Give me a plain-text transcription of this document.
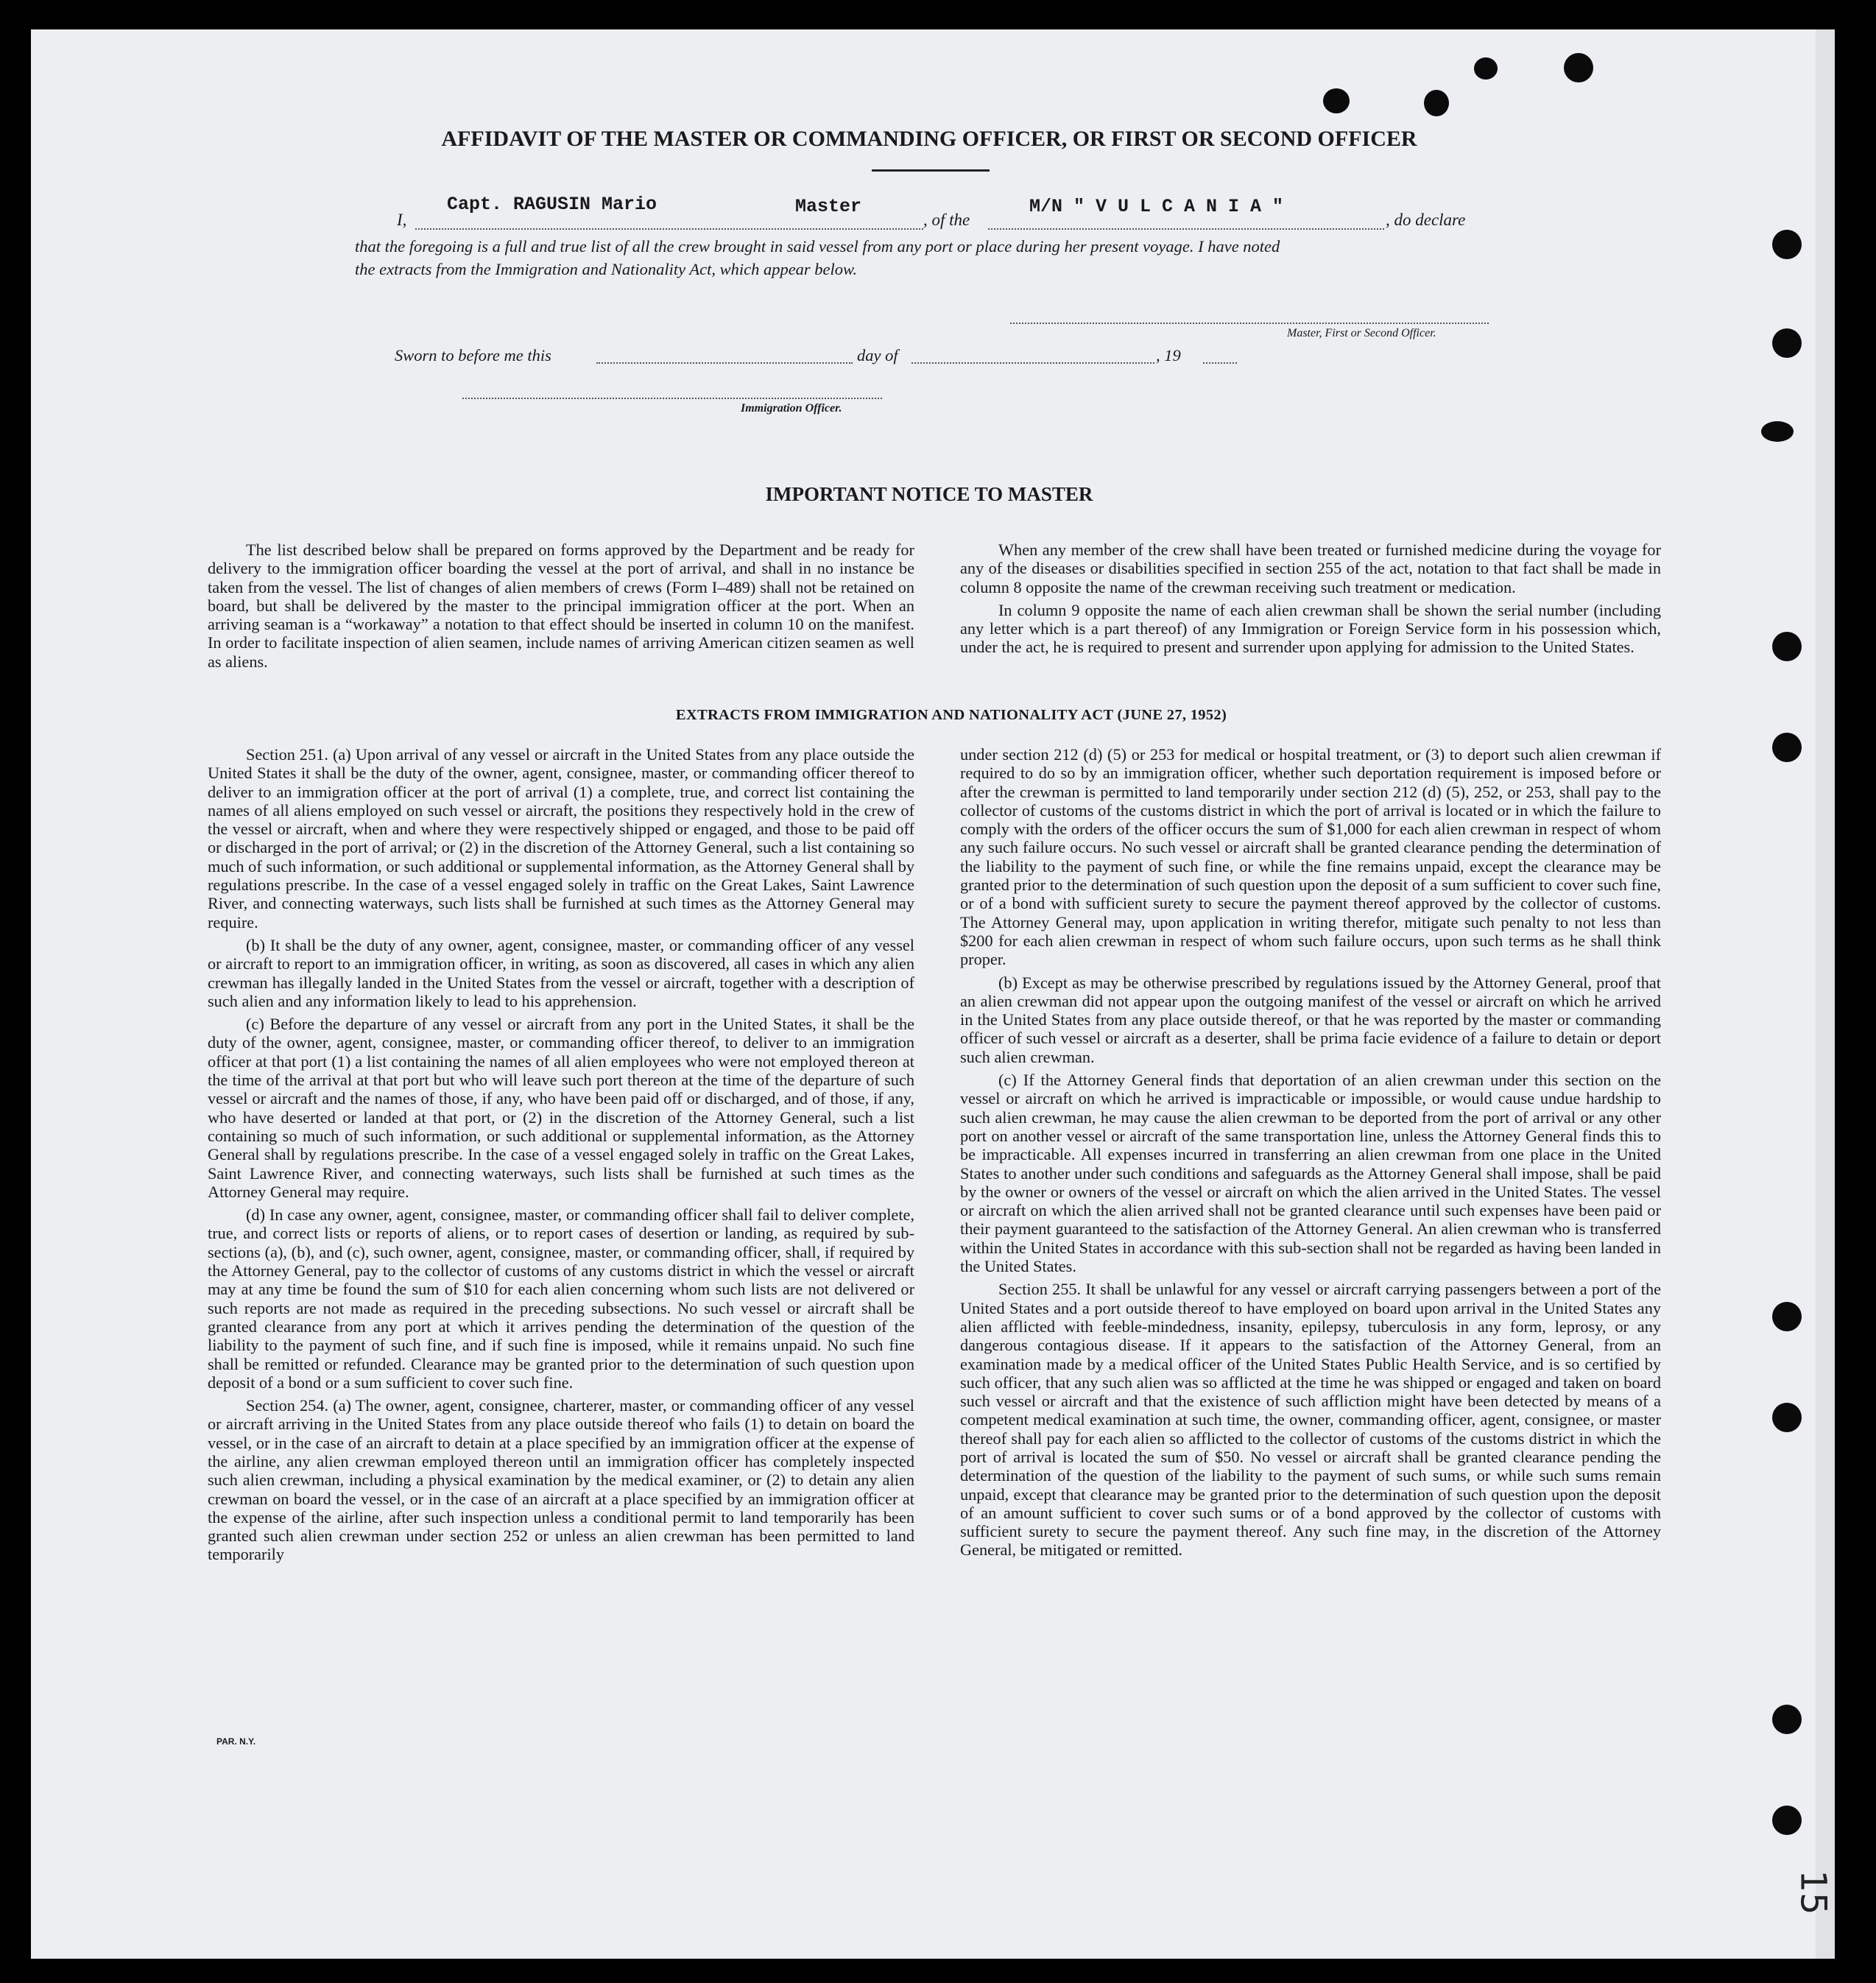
AFFIDAVIT OF THE MASTER OR COMMANDING OFFICER, OR FIRST OR SECOND OFFICER
I,
Capt. RAGUSIN Mario	Master
, of the
M/N " V U L C A N I A "
, do declare
that the foregoing is a full and true list of all the crew brought in said vessel from any port or place during her present voyage. I have noted
the extracts from the Immigration and Nationality Act, which appear below.
Master, First or Second Officer.
Sworn to before me this	day of	, 19
Immigration Officer.
IMPORTANT NOTICE TO MASTER

The list described below shall be prepared on forms approved by the Department and be ready for delivery to the immigration officer boarding the vessel at the port of arrival, and shall in no instance be taken from the vessel. The list of changes of alien members of crews (Form I–489) shall not be retained on board, but shall be delivered by the master to the principal immigration officer at the port. When an arriving seaman is a “workaway” a notation to that effect should be inserted in column 10 on the manifest. In order to facilitate inspection of alien seamen, include names of arriving American citizen seamen as well as aliens.

When any member of the crew shall have been treated or furnished medicine during the voyage for any of the diseases or disabilities specified in section 255 of the act, notation to that fact shall be made in column 8 opposite the name of the crewman receiving such treatment or medication.

In column 9 opposite the name of each alien crewman shall be shown the serial number (including any letter which is a part thereof) of any Immigration or Foreign Service form in his possession which, under the act, he is required to present and surrender upon applying for admission to the United States.

EXTRACTS FROM IMMIGRATION AND NATIONALITY ACT (JUNE 27, 1952)

Section 251. (a) Upon arrival of any vessel or aircraft in the United States from any place outside the United States it shall be the duty of the owner, agent, consignee, master, or commanding officer thereof to deliver to an immigration officer at the port of arrival (1) a complete, true, and correct list containing the names of all aliens employed on such vessel or aircraft, the positions they respectively hold in the crew of the vessel or aircraft, when and where they were respectively shipped or engaged, and those to be paid off or discharged in the port of arrival; or (2) in the discretion of the Attorney General, such a list containing so much of such information, or such additional or supplemental information, as the Attorney General shall by regulations prescribe. In the case of a vessel engaged solely in traffic on the Great Lakes, Saint Lawrence River, and connecting waterways, such lists shall be furnished at such times as the Attorney General may require.

(b) It shall be the duty of any owner, agent, consignee, master, or commanding officer of any vessel or aircraft to report to an immigration officer, in writing, as soon as discovered, all cases in which any alien crewman has illegally landed in the United States from the vessel or aircraft, together with a description of such alien and any information likely to lead to his apprehension.

(c) Before the departure of any vessel or aircraft from any port in the United States, it shall be the duty of the owner, agent, consignee, master, or commanding officer thereof, to deliver to an immigration officer at that port (1) a list containing the names of all alien employees who were not employed thereon at the time of the arrival at that port but who will leave such port thereon at the time of the departure of such vessel or aircraft and the names of those, if any, who have been paid off or discharged, and of those, if any, who have deserted or landed at that port, or (2) in the discretion of the Attorney General, such a list containing so much of such information, or such additional or supplemental information, as the Attorney General shall by regulations prescribe. In the case of a vessel engaged solely in traffic on the Great Lakes, Saint Lawrence River, and connecting waterways, such lists shall be furnished at such times as the Attorney General may require.

(d) In case any owner, agent, consignee, master, or commanding officer shall fail to deliver complete, true, and correct lists or reports of aliens, or to report cases of desertion or landing, as required by sub-sections (a), (b), and (c), such owner, agent, consignee, master, or commanding officer, shall, if required by the Attorney General, pay to the collector of customs of any customs district in which the vessel or aircraft may at any time be found the sum of $10 for each alien concerning whom such lists are not delivered or such reports are not made as required in the preceding subsections. No such vessel or aircraft shall be granted clearance from any port at which it arrives pending the determination of the question of the liability to the payment of such fine, and if such fine is imposed, while it remains unpaid. No such fine shall be remitted or refunded. Clearance may be granted prior to the determination of such question upon deposit of a bond or a sum sufficient to cover such fine.

Section 254. (a) The owner, agent, consignee, charterer, master, or commanding officer of any vessel or aircraft arriving in the United States from any place outside thereof who fails (1) to detain on board the vessel, or in the case of an aircraft to detain at a place specified by an immigration officer at the expense of the airline, any alien crewman employed thereon until an immigration officer has completely inspected such alien crewman, including a physical examination by the medical examiner, or (2) to detain any alien crewman on board the vessel, or in the case of an aircraft at a place specified by an immigration officer at the expense of the airline, after such inspection unless a conditional permit to land temporarily has been granted such alien crewman under section 252 or unless an alien crewman has been permitted to land temporarily

under section 212 (d) (5) or 253 for medical or hospital treatment, or (3) to deport such alien crewman if required to do so by an immigration officer, whether such deportation requirement is imposed before or after the crewman is permitted to land temporarily under section 212 (d) (5), 252, or 253, shall pay to the collector of customs of the customs district in which the port of arrival is located or in which the failure to comply with the orders of the officer occurs the sum of $1,000 for each alien crewman in respect of whom any such failure occurs. No such vessel or aircraft shall be granted clearance pending the determination of the liability to the payment of such fine, or while the fine remains unpaid, except the clearance may be granted prior to the determination of such question upon the deposit of a sum sufficient to cover such fine, or of a bond with sufficient surety to secure the payment thereof approved by the collector of customs. The Attorney General may, upon application in writing therefor, mitigate such penalty to not less than $200 for each alien crewman in respect of whom such failure occurs, upon such terms as he shall think proper.

(b) Except as may be otherwise prescribed by regulations issued by the Attorney General, proof that an alien crewman did not appear upon the outgoing manifest of the vessel or aircraft on which he arrived in the United States from any place outside thereof, or that he was reported by the master or commanding officer of such vessel or aircraft as a deserter, shall be prima facie evidence of a failure to detain or deport such alien crewman.

(c) If the Attorney General finds that deportation of an alien crewman under this section on the vessel or aircraft on which he arrived is impracticable or impossible, or would cause undue hardship to such alien crewman, he may cause the alien crewman to be deported from the port of arrival or any other port on another vessel or aircraft of the same transportation line, unless the Attorney General finds this to be impracticable. All expenses incurred in transferring an alien crewman from one place in the United States to another under such conditions and safeguards as the Attorney General shall impose, shall be paid by the owner or owners of the vessel or aircraft on which the alien arrived in the United States. The vessel or aircraft on which the alien arrived shall not be granted clearance until such expenses have been paid or their payment guaranteed to the satisfaction of the Attorney General. An alien crewman who is transferred within the United States in accordance with this sub-section shall not be regarded as having been landed in the United States.

Section 255. It shall be unlawful for any vessel or aircraft carrying passengers between a port of the United States and a port outside thereof to have employed on board upon arrival in the United States any alien afflicted with feeble-mindedness, insanity, epilepsy, tuberculosis in any form, leprosy, or any dangerous contagious disease. If it appears to the satisfaction of the Attorney General, from an examination made by a medical officer of the United States Public Health Service, and is so certified by such officer, that any such alien was so afflicted at the time he was shipped or engaged and taken on board such vessel or aircraft and that the existence of such affliction might have been detected by means of a competent medical examination at such time, the owner, commanding officer, agent, consignee, or master thereof shall pay for each alien so afflicted to the collector of customs of the customs district in which the port of arrival is located the sum of $50. No vessel or aircraft shall be granted clearance pending the determination of the question of the liability to the payment of such sums, or while such sums remain unpaid, except that clearance may be granted prior to the determination of such question upon the deposit of an amount sufficient to cover such sums or of a bond approved by the collector of customs with sufficient surety to secure the payment thereof. Any such fine may, in the discretion of the Attorney General, be mitigated or remitted.

PAR. N.Y.
15
